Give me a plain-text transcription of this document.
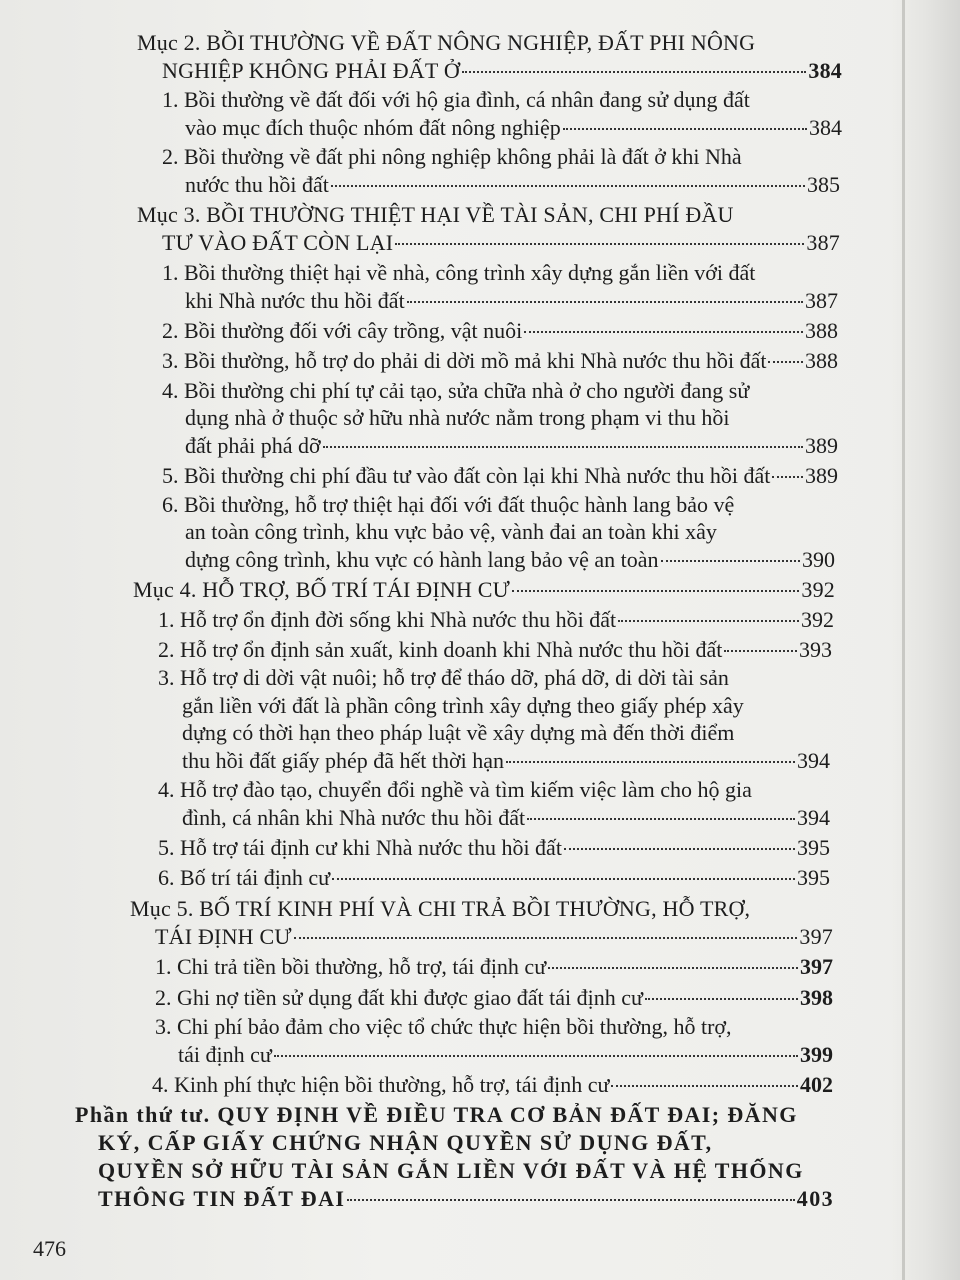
Mục 2. BỒI THƯỜNG VỀ ĐẤT NÔNG NGHIỆP, ĐẤT PHI NÔNG
NGHIỆP KHÔNG PHẢI ĐẤT Ở	384
1. Bồi thường về đất đối với hộ gia đình, cá nhân đang sử dụng đất
vào mục đích thuộc nhóm đất nông nghiệp	384
2. Bồi thường về đất phi nông nghiệp không phải là đất ở khi Nhà
nước thu hồi đất	385
Mục 3. BỒI THƯỜNG THIỆT HẠI VỀ TÀI SẢN, CHI PHÍ ĐẦU
TƯ VÀO ĐẤT CÒN LẠI	387
1. Bồi thường thiệt hại về nhà, công trình xây dựng gắn liền với đất
khi Nhà nước thu hồi đất	387
2. Bồi thường đối với cây trồng, vật nuôi	388
3. Bồi thường, hỗ trợ do phải di dời mồ mả khi Nhà nước thu hồi đất 388
4. Bồi thường chi phí tự cải tạo, sửa chữa nhà ở cho người đang sử
dụng nhà ở thuộc sở hữu nhà nước nằm trong phạm vi thu hồi
đất phải phá dỡ	389
5. Bồi thường chi phí đầu tư vào đất còn lại khi Nhà nước thu hồi đất 389
6. Bồi thường, hỗ trợ thiệt hại đối với đất thuộc hành lang bảo vệ
an toàn công trình, khu vực bảo vệ, vành đai an toàn khi xây
dựng công trình, khu vực có hành lang bảo vệ an toàn	390
Mục 4. HỖ TRỢ, BỐ TRÍ TÁI ĐỊNH CƯ	392
1. Hỗ trợ ổn định đời sống khi Nhà nước thu hồi đất	392
2. Hỗ trợ ổn định sản xuất, kinh doanh khi Nhà nước thu hồi đất	393
3. Hỗ trợ di dời vật nuôi; hỗ trợ để tháo dỡ, phá dỡ, di dời tài sản
gắn liền với đất là phần công trình xây dựng theo giấy phép xây
dựng có thời hạn theo pháp luật về xây dựng mà đến thời điểm
thu hồi đất giấy phép đã hết thời hạn	394
4. Hỗ trợ đào tạo, chuyển đổi nghề và tìm kiếm việc làm cho hộ gia
đình, cá nhân khi Nhà nước thu hồi đất	394
5. Hỗ trợ tái định cư khi Nhà nước thu hồi đất	395
6. Bố trí tái định cư	395
Mục 5. BỐ TRÍ KINH PHÍ VÀ CHI TRẢ BỒI THƯỜNG, HỖ TRỢ,
TÁI ĐỊNH CƯ	397
1. Chi trả tiền bồi thường, hỗ trợ, tái định cư	397
2. Ghi nợ tiền sử dụng đất khi được giao đất tái định cư	398
3. Chi phí bảo đảm cho việc tổ chức thực hiện bồi thường, hỗ trợ,
tái định cư	399
4. Kinh phí thực hiện bồi thường, hỗ trợ, tái định cư	402
Phần thứ tư. QUY ĐỊNH VỀ ĐIỀU TRA CƠ BẢN ĐẤT ĐAI; ĐĂNG
KÝ, CẤP GIẤY CHỨNG NHẬN QUYỀN SỬ DỤNG ĐẤT,
QUYỀN SỞ HỮU TÀI SẢN GẮN LIỀN VỚI ĐẤT VÀ HỆ THỐNG
THÔNG TIN ĐẤT ĐAI	403
476
